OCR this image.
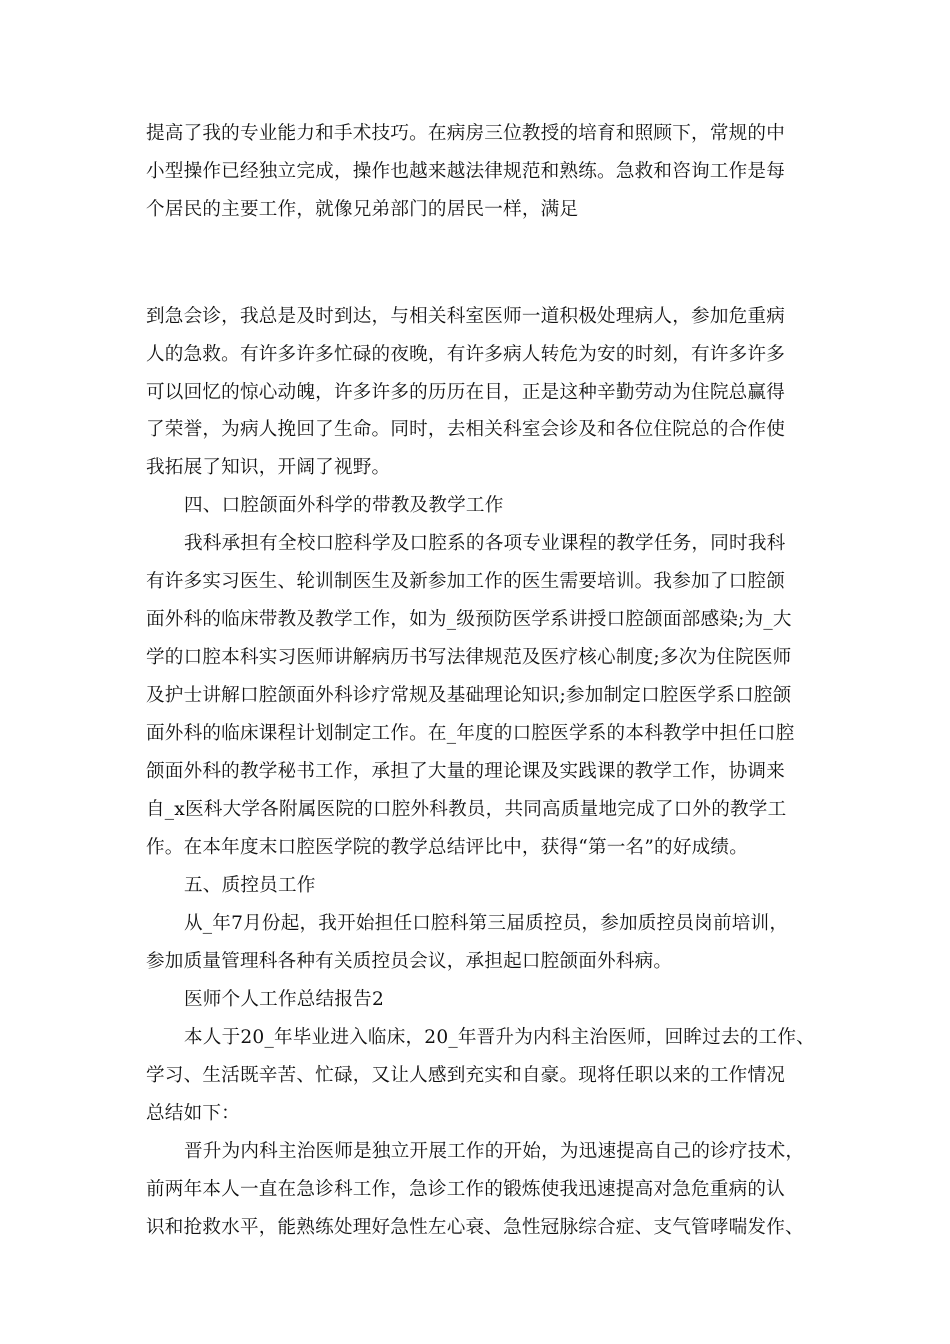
提高了我的专业能力和手术技巧。在病房三位教授的培育和照顾下，常规的中
小型操作已经独立完成，操作也越来越法律规范和熟练。急救和咨询工作是每
个居民的主要工作，就像兄弟部门的居民一样，满足
到急会诊，我总是及时到达，与相关科室医师一道积极处理病人，参加危重病
人的急救。有许多许多忙碌的夜晚，有许多病人转危为安的时刻，有许多许多
可以回忆的惊心动魄，许多许多的历历在目，正是这种辛勤劳动为住院总赢得
了荣誉，为病人挽回了生命。同时，去相关科室会诊及和各位住院总的合作使
我拓展了知识，开阔了视野。
四、口腔颌面外科学的带教及教学工作
我科承担有全校口腔科学及口腔系的各项专业课程的教学任务，同时我科
有许多实习医生、轮训制医生及新参加工作的医生需要培训。我参加了口腔颌
面外科的临床带教及教学工作，如为_级预防医学系讲授口腔颌面部感染;为_大
学的口腔本科实习医师讲解病历书写法律规范及医疗核心制度;多次为住院医师
及护士讲解口腔颌面外科诊疗常规及基础理论知识;参加制定口腔医学系口腔颌
面外科的临床课程计划制定工作。在_年度的口腔医学系的本科教学中担任口腔
颌面外科的教学秘书工作，承担了大量的理论课及实践课的教学工作，协调来
自_x医科大学各附属医院的口腔外科教员，共同高质量地完成了口外的教学工
作。在本年度末口腔医学院的教学总结评比中，获得“第一名”的好成绩。
五、质控员工作
从_年7月份起，我开始担任口腔科第三届质控员，参加质控员岗前培训，
参加质量管理科各种有关质控员会议，承担起口腔颌面外科病。
医师个人工作总结报告2
本人于20_年毕业进入临床，20_年晋升为内科主治医师，回眸过去的工作、
学习、生活既辛苦、忙碌，又让人感到充实和自豪。现将任职以来的工作情况
总结如下：
晋升为内科主治医师是独立开展工作的开始，为迅速提高自己的诊疗技术，
前两年本人一直在急诊科工作，急诊工作的锻炼使我迅速提高对急危重病的认
识和抢救水平，能熟练处理好急性左心衰、急性冠脉综合症、支气管哮喘发作、
